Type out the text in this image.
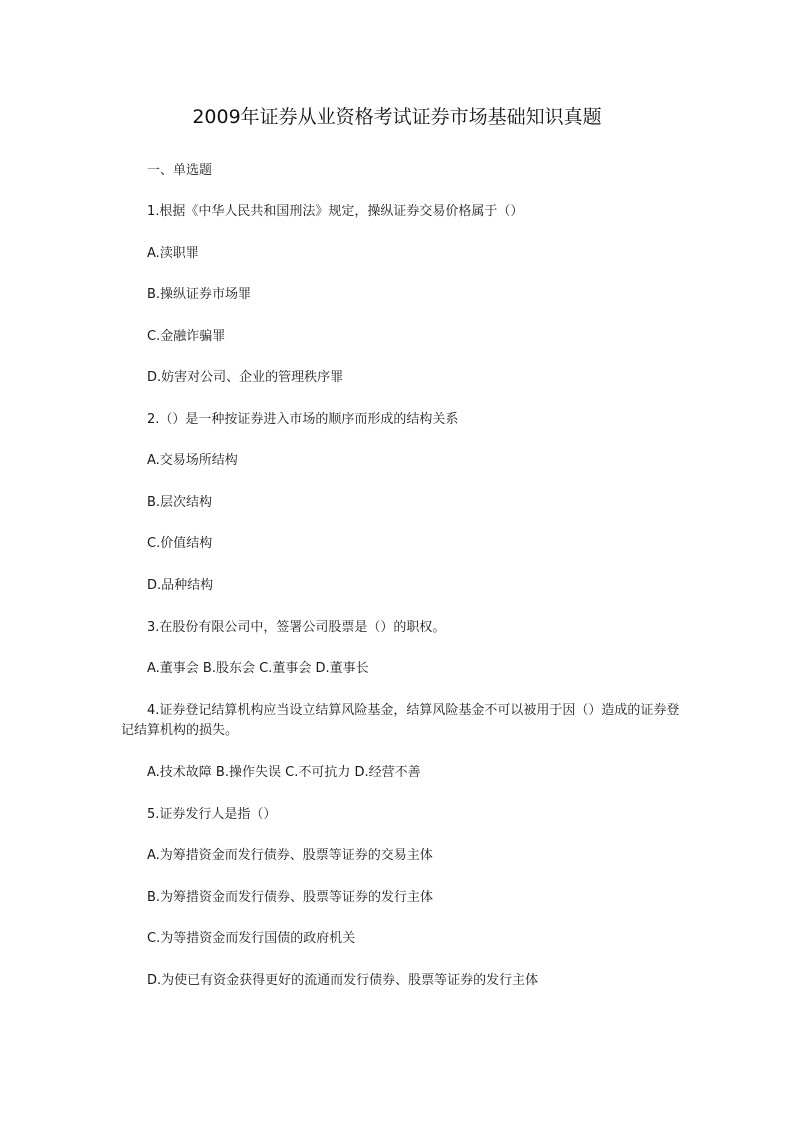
2009年证券从业资格考试证券市场基础知识真题
一、单选题
1.根据《中华人民共和国刑法》规定，操纵证券交易价格属于（）
A.渎职罪
B.操纵证券市场罪
C.金融诈骗罪
D.妨害对公司、企业的管理秩序罪
2.（）是一种按证券进入市场的顺序而形成的结构关系
A.交易场所结构
B.层次结构
C.价值结构
D.品种结构
3.在股份有限公司中，签署公司股票是（）的职权。
A.董事会 B.股东会 C.董事会 D.董事长
4.证券登记结算机构应当设立结算风险基金，结算风险基金不可以被用于因（）造成的证券登记结算机构的损失。
A.技术故障 B.操作失误 C.不可抗力 D.经营不善
5.证券发行人是指（）
A.为筹措资金而发行债券、股票等证券的交易主体
B.为筹措资金而发行债券、股票等证券的发行主体
C.为等措资金而发行国债的政府机关
D.为使已有资金获得更好的流通而发行债券、股票等证券的发行主体
